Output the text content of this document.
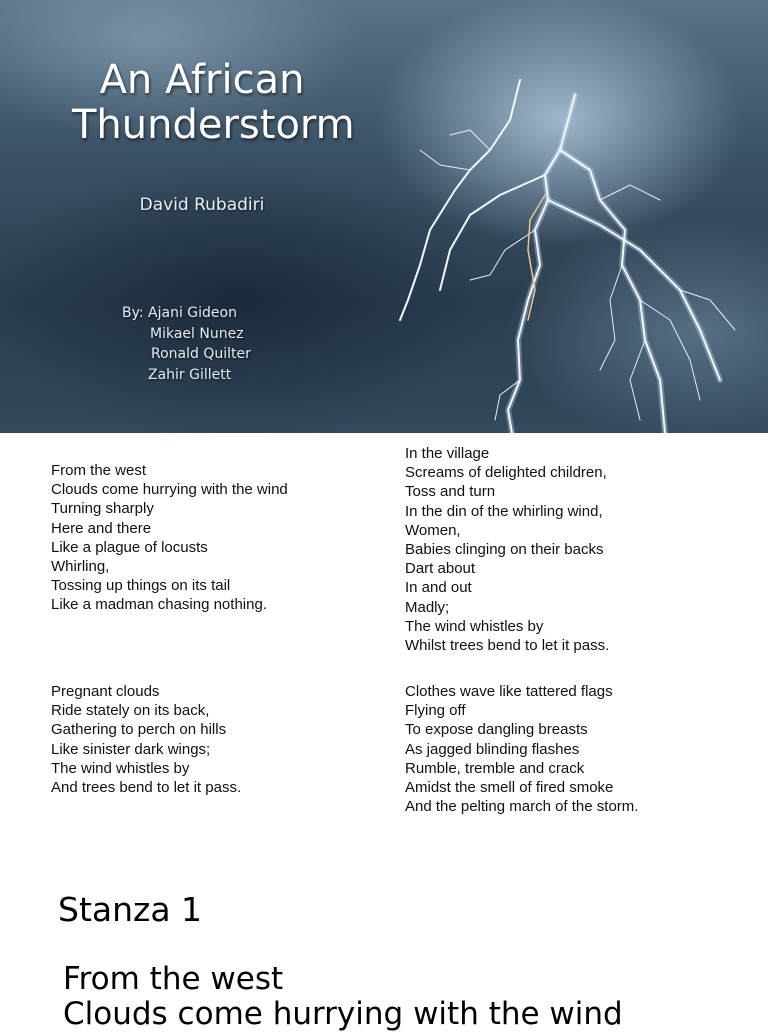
An African Thunderstorm
David Rubadiri
By: Ajani Gideon
Mikael Nunez
Ronald Quilter
Zahir Gillett
From the west
Clouds come hurrying with the wind
Turning sharply
Here and there
Like a plague of locusts
Whirling,
Tossing up things on its tail
Like a madman chasing nothing.
Pregnant clouds
Ride stately on its back,
Gathering to perch on hills
Like sinister dark wings;
The wind whistles by
And trees bend to let it pass.
In the village
Screams of delighted children,
Toss and turn
In the din of the whirling wind,
Women,
Babies clinging on their backs
Dart about
In and out
Madly;
The wind whistles by
Whilst trees bend to let it pass.
Clothes wave like tattered flags
Flying off
To expose dangling breasts
As jagged blinding flashes
Rumble, tremble and crack
Amidst the smell of fired smoke
And the pelting march of the storm.
Stanza 1
From the west
Clouds come hurrying with the wind
